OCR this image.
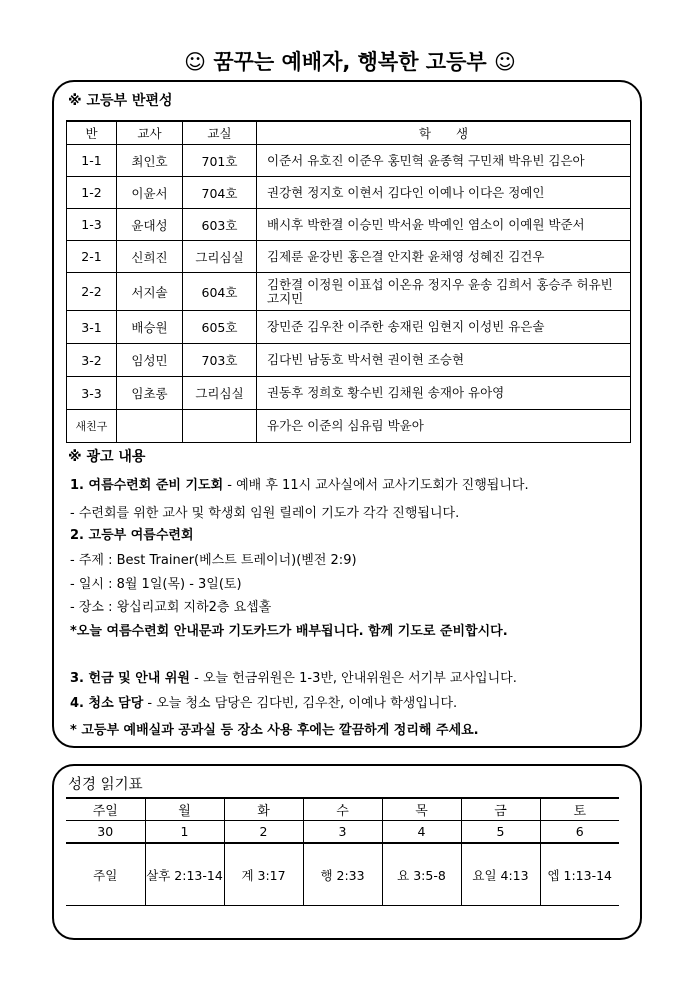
☺ 꿈꾸는 예배자, 행복한 고등부 ☺
※ 고등부 반편성
반	교사	교실	학　　생
1-1	최인호	701호	이준서 유호진 이준우 홍민혁 윤종혁 구민채 박유빈 김은아
1-2	이윤서	704호	권강현 정지호 이현서 김다인 이예나 이다은 정예인
1-3	윤대성	603호	배시후 박한결 이승민 박서윤 박예인 염소이 이예원 박준서
2-1	신희진	그리심실	김제룬 윤강빈 홍은결 안지환 윤채영 성혜진 김건우
2-2	서지솔	604호	김한결 이정원 이표섭 이온유 정지우 윤송 김희서 홍승주 허유빈 고지민
3-1	배승원	605호	장민준 김우찬 이주한 송재린 임현지 이성빈 유은솔
3-2	임성민	703호	김다빈 남동호 박서현 권이현 조승현
3-3	임초롱	그리심실	권동후 정희호 황수빈 김채원 송재아 유아영
새친구			유가은 이준의 심유림 박윤아
※ 광고 내용
1. 여름수련회 준비 기도회 - 예배 후 11시 교사실에서 교사기도회가 진행됩니다.
- 수련회를 위한 교사 및 학생회 임원 릴레이 기도가 각각 진행됩니다.
2. 고등부 여름수련회
- 주제 : Best Trainer(베스트 트레이너)(벧전 2:9)
- 일시 : 8월 1일(목) - 3일(토)
- 장소 : 왕십리교회 지하2층 요셉홀
*오늘 여름수련회 안내문과 기도카드가 배부됩니다. 함께 기도로 준비합시다.
3. 헌금 및 안내 위원 - 오늘 헌금위원은 1-3반, 안내위원은 서기부 교사입니다.
4. 청소 담당 - 오늘 청소 담당은 김다빈, 김우찬, 이예나 학생입니다.
* 고등부 예배실과 공과실 등 장소 사용 후에는 깔끔하게 정리해 주세요.
성경 읽기표
주일	월	화	수	목	금	토
30	1	2	3	4	5	6
주일	살후 2:13-14	계 3:17	행 2:33	요 3:5-8	요일 4:13	엡 1:13-14
